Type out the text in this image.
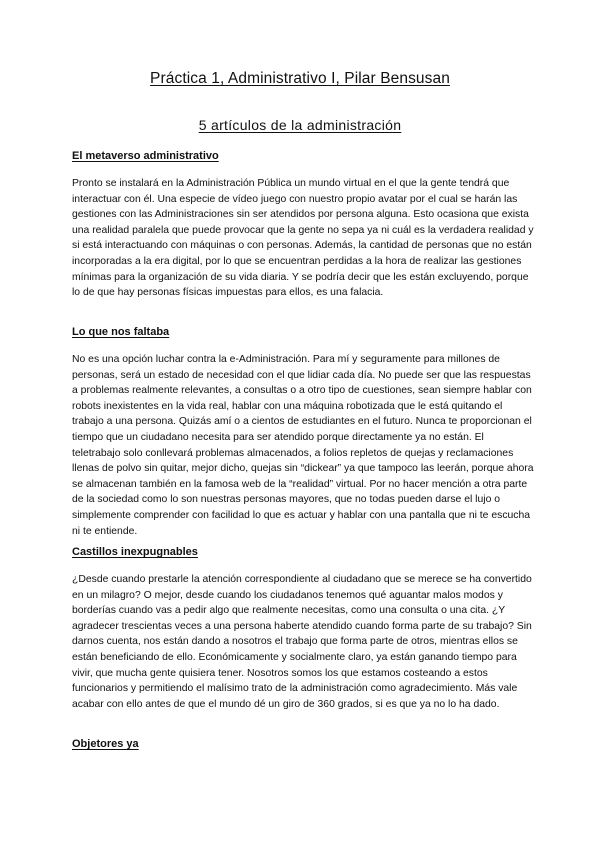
Práctica 1, Administrativo I, Pilar Bensusan
5 artículos de la administración
El metaverso administrativo

Pronto se instalará en la Administración Pública un mundo virtual en el que la gente tendrá que interactuar con él. Una especie de vídeo juego con nuestro propio avatar por el cual se harán las gestiones con las Administraciones sin ser atendidos por persona alguna. Esto ocasiona que exista una realidad paralela que puede provocar que la gente no sepa ya ni cuál es la verdadera realidad y si está interactuando con máquinas o con personas. Además, la cantidad de personas que no están incorporadas a la era digital, por lo que se encuentran perdidas a la hora de realizar las gestiones mínimas para la organización de su vida diaria. Y se podría decir que les están excluyendo, porque lo de que hay personas físicas impuestas para ellos, es una falacia.

Lo que nos faltaba

No es una opción luchar contra la e-Administración. Para mí y seguramente para millones de personas, será un estado de necesidad con el que lidiar cada día. No puede ser que las respuestas a problemas realmente relevantes, a consultas o a otro tipo de cuestiones, sean siempre hablar con robots inexistentes en la vida real, hablar con una máquina robotizada que le está quitando el trabajo a una persona. Quizás amí o a cientos de estudiantes en el futuro. Nunca te proporcionan el tiempo que un ciudadano necesita para ser atendido porque directamente ya no están. El teletrabajo solo conllevará problemas almacenados, a folios repletos de quejas y reclamaciones llenas de polvo sin quitar, mejor dicho, quejas sin “dickear” ya que tampoco las leerán, porque ahora se almacenan también en la famosa web de la “realidad” virtual. Por no hacer mención a otra parte de la sociedad como lo son nuestras personas mayores, que no todas pueden darse el lujo o simplemente comprender con facilidad lo que es actuar y hablar con una pantalla que ni te escucha ni te entiende.

Castillos inexpugnables

¿Desde cuando prestarle la atención correspondiente al ciudadano que se merece se ha convertido en un milagro? O mejor, desde cuando los ciudadanos tenemos qué aguantar malos modos y borderías cuando vas a pedir algo que realmente necesitas, como una consulta o una cita. ¿Y agradecer trescientas veces a una persona haberte atendido cuando forma parte de su trabajo? Sin darnos cuenta, nos están dando a nosotros el trabajo que forma parte de otros, mientras ellos se están beneficiando de ello. Económicamente y socialmente claro, ya están ganando tiempo para vivir, que mucha gente quisiera tener. Nosotros somos los que estamos costeando a estos funcionarios y permitiendo el malísimo trato de la administración como agradecimiento. Más vale acabar con ello antes de que el mundo dé un giro de 360 grados, si es que ya no lo ha dado.

Objetores ya
